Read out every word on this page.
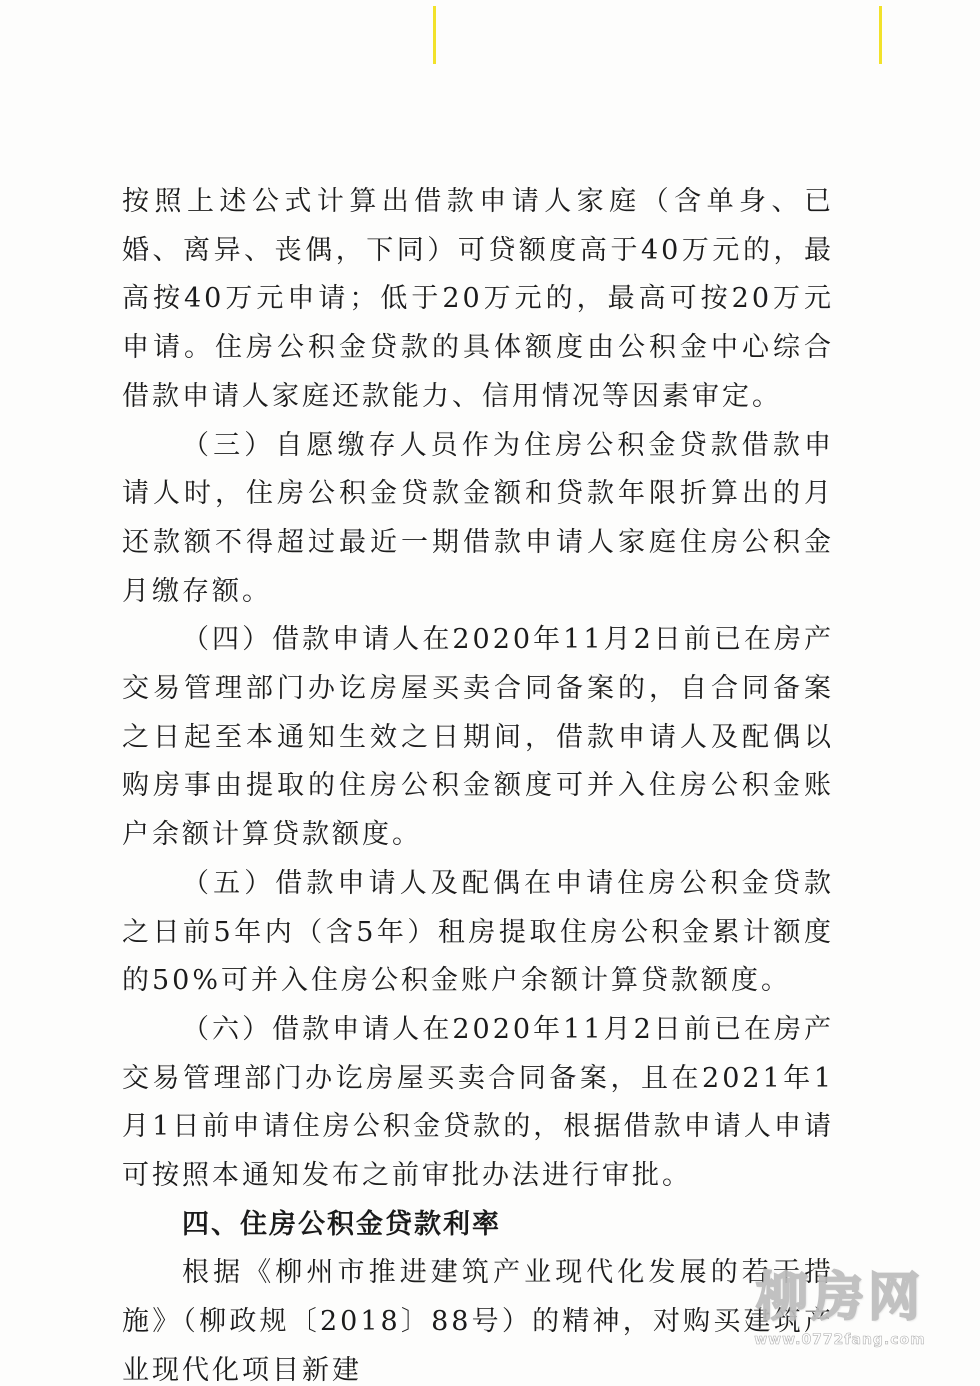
按照上述公式计算出借款申请人家庭（含单身、已婚、离异、丧偶，下同）可贷额度高于40万元的，最高按40万元申请；低于20万元的，最高可按20万元申请。住房公积金贷款的具体额度由公积金中心综合借款申请人家庭还款能力、信用情况等因素审定。

（三）自愿缴存人员作为住房公积金贷款借款申请人时，住房公积金贷款金额和贷款年限折算出的月还款额不得超过最近一期借款申请人家庭住房公积金月缴存额。

（四）借款申请人在2020年11月2日前已在房产交易管理部门办讫房屋买卖合同备案的，自合同备案之日起至本通知生效之日期间，借款申请人及配偶以购房事由提取的住房公积金额度可并入住房公积金账户余额计算贷款额度。

（五）借款申请人及配偶在申请住房公积金贷款之日前5年内（含5年）租房提取住房公积金累计额度的50%可并入住房公积金账户余额计算贷款额度。

（六）借款申请人在2020年11月2日前已在房产交易管理部门办讫房屋买卖合同备案，且在2021年1月1日前申请住房公积金贷款的，根据借款申请人申请可按照本通知发布之前审批办法进行审批。

四、住房公积金贷款利率

根据《柳州市推进建筑产业现代化发展的若干措施》（柳政规〔2018〕88号）的精神，对购买建筑产业现代化项目新建

柳房网
www.0772fang.com
